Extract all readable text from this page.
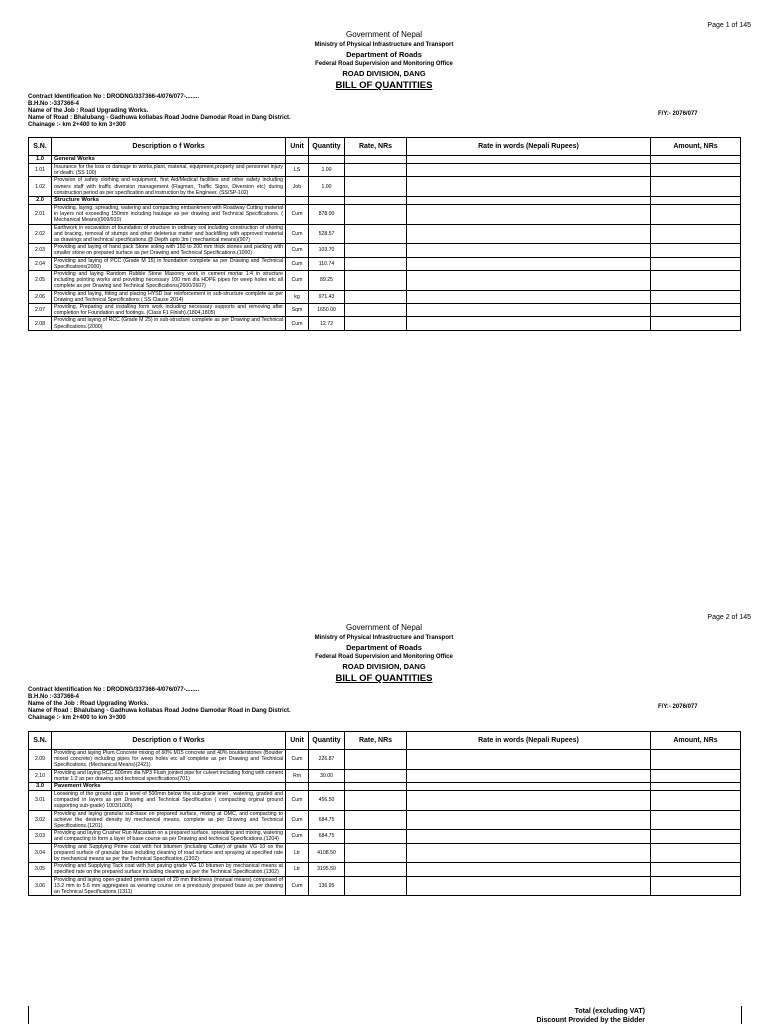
Page 1 of 145
Government of Nepal
Ministry of Physical Infrastructure and Transport
Department of Roads
Federal Road Supervision and Monitoring Office
ROAD DIVISION, DANG
BILL OF QUANTITIES
Contract Identification No : DRODNG/337366-4/076/077-........
B.H.No :-337366-4
Name of the Job : Road Upgrading Works.
Name of Road : Bhalubang - Gadhuwa kollabas Road Jodne Damodar Road in Dang District.
Chainage :- km 2+400 to km 3+300
F/Y:- 2076/077
S.N.	Description o f Works	Unit	Quantity	Rate, NRs	Rate in words (Nepali Rupees)	Amount, NRs
1.0	General Works					
1.01	Insurance for the loss or damage to works,plant, material, equipment,property and personnel injury or death. (SS 100)	LS	1.00			
1.02	Provision of safety clothing and equipment, first Aid/Medical facilities and other safety including owners staff with traffic diversion management (Flagman, Traffic Signs, Diversion etc) during construction period as per specification and instruction by the Engineer. (SS/SP-102)	Job	1.00			
2.0	Structure Works					
2.01	Providing, laying, spreading, watering and compacting embankment with Roadway Cutting material in layers not exceeding 150mm including haulage as per drawing and Technical Specifications. ( Mechanical Means)(909/910)	Cum	878.00			
2.02	Earthwork in excavation of foundation of structure in ordinary soil including construction of shoring and bracing, removal of stumps and other deleterius matter and backfilling with approved material as drawings and technical specifications.@ Depth upto 3m ( mechanical means)(907)	Cum	528.57			
2.03	Providing and laying of hand pack Stone soling with 150 to 200 mm thick stones and packing with smaller stone on prepared surface as per Drawing and Technical Specifications.(1000)	Cum	103.70			
2.04	Providing and laying of PCC (Grade M 15) in foundation complete as per Drawing and Technical Specifications(2000)	Cum	110.74			
2.05	Providing and laying Random Rubble Stone Masonry work in cement mortar 1:4 in structure including pointing works and providing necessary 100 mm dia HDPE pipes for weep holes etc all complete as per Drawing and Technical Specifications(2600/2607)	Cum	89.25			
2.06	Providing and laying, fitting and placing HYSD bar reinforcement in sub-structure complete as per Drawing and Technical Specifications ( SS Clause 2014)	kg	971.43			
2.07	Providing, Preparing and installing form work including necessary supports and removing after completion for Foundation and footings. (Class F1 Finish).(1804,1805)	Sqm	1650.00			
2.08	Providing and laying of RCC (Grade M 25) in sub-structure complete as per Drawing and Technical Specifications.(2000)	Cum	12.72			
Page 2 of 145
Government of Nepal
Ministry of Physical Infrastructure and Transport
Department of Roads
Federal Road Supervision and Monitoring Office
ROAD DIVISION, DANG
BILL OF QUANTITIES
Contract Identification No : DRODNG/337366-4/076/077-........
B.H.No :-337366-4
Name of the Job : Road Upgrading Works.
Name of Road : Bhalubang - Gadhuwa kollabas Road Jodne Damodar Road in Dang District.
Chainage :- km 2+400 to km 3+300
F/Y:- 2076/077
S.N.	Description o f Works	Unit	Quantity	Rate, NRs	Rate in words (Nepali Rupees)	Amount, NRs
2.09	Providing and laying Plum Concrete mixing of 60% M15 concrete and 40% boulderstones (Boulder mixed concrete) including pipes for weep holes etc all complete as per Drawing and Technical Specifications. (Mechanical Means)(2421)	Cum	226.87			
2.10	Providing and laying RCC 600mm dia NP3 Flush jointed pipe for culvert including fixing with cement mortar 1:2 as per drawing and technical specifications(701)	Rm	30.00			
3.0	Pavement Works					
3.01	Loosening of the ground upto a level of 500mm below the sub-grade level , watering, graded and compacted in layers as per Drawing and Technical Specification ( compacting orginal ground supporting sub-grade) 1003/1005)	Cum	456.50			
3.02	Providing and laying granular sub-base on prepared surface, mixing at OMC, and compacting to achieve the desired density by mechanical means, complete as per Drawing and Technical Specifications.(1201)	Cum	684.75			
3.03	Providing and laying Crusher Run Macadam on a prepared surface, spreading and mixing, watering and compacting to form a layer of base course as per Drawing and technical Specifications.(1204)	Cum	684.75			
3.04	Providing and Supplying Prime coat with hot bitumen (including Cutter) of grade VG 10 on the prepared surface of granular base including cleaning of road surface and spraying at specified rate by mechanical means as per the Technical Specification.(1302)	Ltr	4108.50			
3.05	Providing and Supplying Tack coat with hot paving grade VG 10 bitumen by mechanical means at specified rate on the prepared surface including cleaning as per the Technical Specification.(1302)	Ltr	3195.50			
3.06	Providing and laying open-graded premix carpet of 20 mm thickness (manual means) composed of 13.2 mm to 5.6 mm aggregates as wearing course on a previously prepared base as per drawing an Technical Specifications.(1311)	Cum	136.95			
Total (excluding VAT)
Discount Provided by the Bidder
